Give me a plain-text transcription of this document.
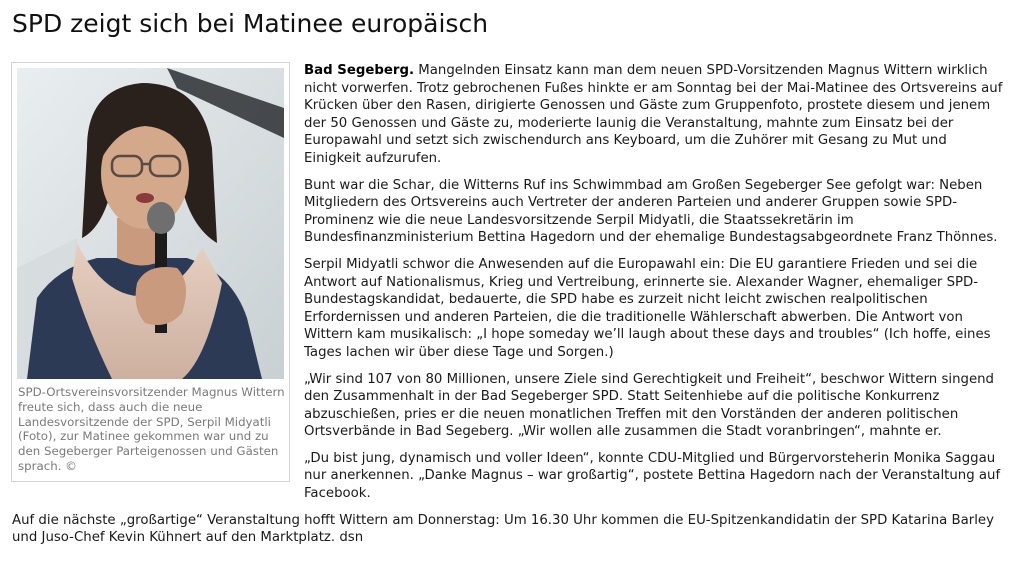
SPD zeigt sich bei Matinee europäisch

SPD-Ortsvereinsvorsitzender Magnus Wittern freute sich, dass auch die neue Landesvorsitzende der SPD, Serpil Midyatli (Foto), zur Matinee gekommen war und zu den Segeberger Parteigenossen und Gästen sprach. ©

Bad Segeberg. Mangelnden Einsatz kann man dem neuen SPD-Vorsitzenden Magnus Wittern wirklich nicht vorwerfen. Trotz gebrochenen Fußes hinkte er am Sonntag bei der Mai-Matinee des Ortsvereins auf Krücken über den Rasen, dirigierte Genossen und Gäste zum Gruppenfoto, prostete diesem und jenem der 50 Genossen und Gäste zu, moderierte launig die Veranstaltung, mahnte zum Einsatz bei der Europawahl und setzt sich zwischendurch ans Keyboard, um die Zuhörer mit Gesang zu Mut und Einigkeit aufzurufen.

Bunt war die Schar, die Witterns Ruf ins Schwimmbad am Großen Segeberger See gefolgt war: Neben Mitgliedern des Ortsvereins auch Vertreter der anderen Parteien und anderer Gruppen sowie SPD-Prominenz wie die neue Landesvorsitzende Serpil Midyatli, die Staatssekretärin im Bundesfinanzministerium Bettina Hagedorn und der ehemalige Bundestagsabgeordnete Franz Thönnes.

Serpil Midyatli schwor die Anwesenden auf die Europawahl ein: Die EU garantiere Frieden und sei die Antwort auf Nationalismus, Krieg und Vertreibung, erinnerte sie. Alexander Wagner, ehemaliger SPD-Bundestagskandidat, bedauerte, die SPD habe es zurzeit nicht leicht zwischen realpolitischen Erfordernissen und anderen Parteien, die die traditionelle Wählerschaft abwerben. Die Antwort von Wittern kam musikalisch: „I hope someday we’ll laugh about these days and troubles“ (Ich hoffe, eines Tages lachen wir über diese Tage und Sorgen.)

„Wir sind 107 von 80 Millionen, unsere Ziele sind Gerechtigkeit und Freiheit“, beschwor Wittern singend den Zusammenhalt in der Bad Segeberger SPD. Statt Seitenhiebe auf die politische Konkurrenz abzuschießen, pries er die neuen monatlichen Treffen mit den Vorständen der anderen politischen Ortsverbände in Bad Segeberg. „Wir wollen alle zusammen die Stadt voranbringen“, mahnte er.

„Du bist jung, dynamisch und voller Ideen“, konnte CDU-Mitglied und Bürgervorsteherin Monika Saggau nur anerkennen. „Danke Magnus – war großartig“, postete Bettina Hagedorn nach der Veranstaltung auf Facebook.

Auf die nächste „großartige“ Veranstaltung hofft Wittern am Donnerstag: Um 16.30 Uhr kommen die EU-Spitzenkandidatin der SPD Katarina Barley und Juso-Chef Kevin Kühnert auf den Marktplatz. dsn
